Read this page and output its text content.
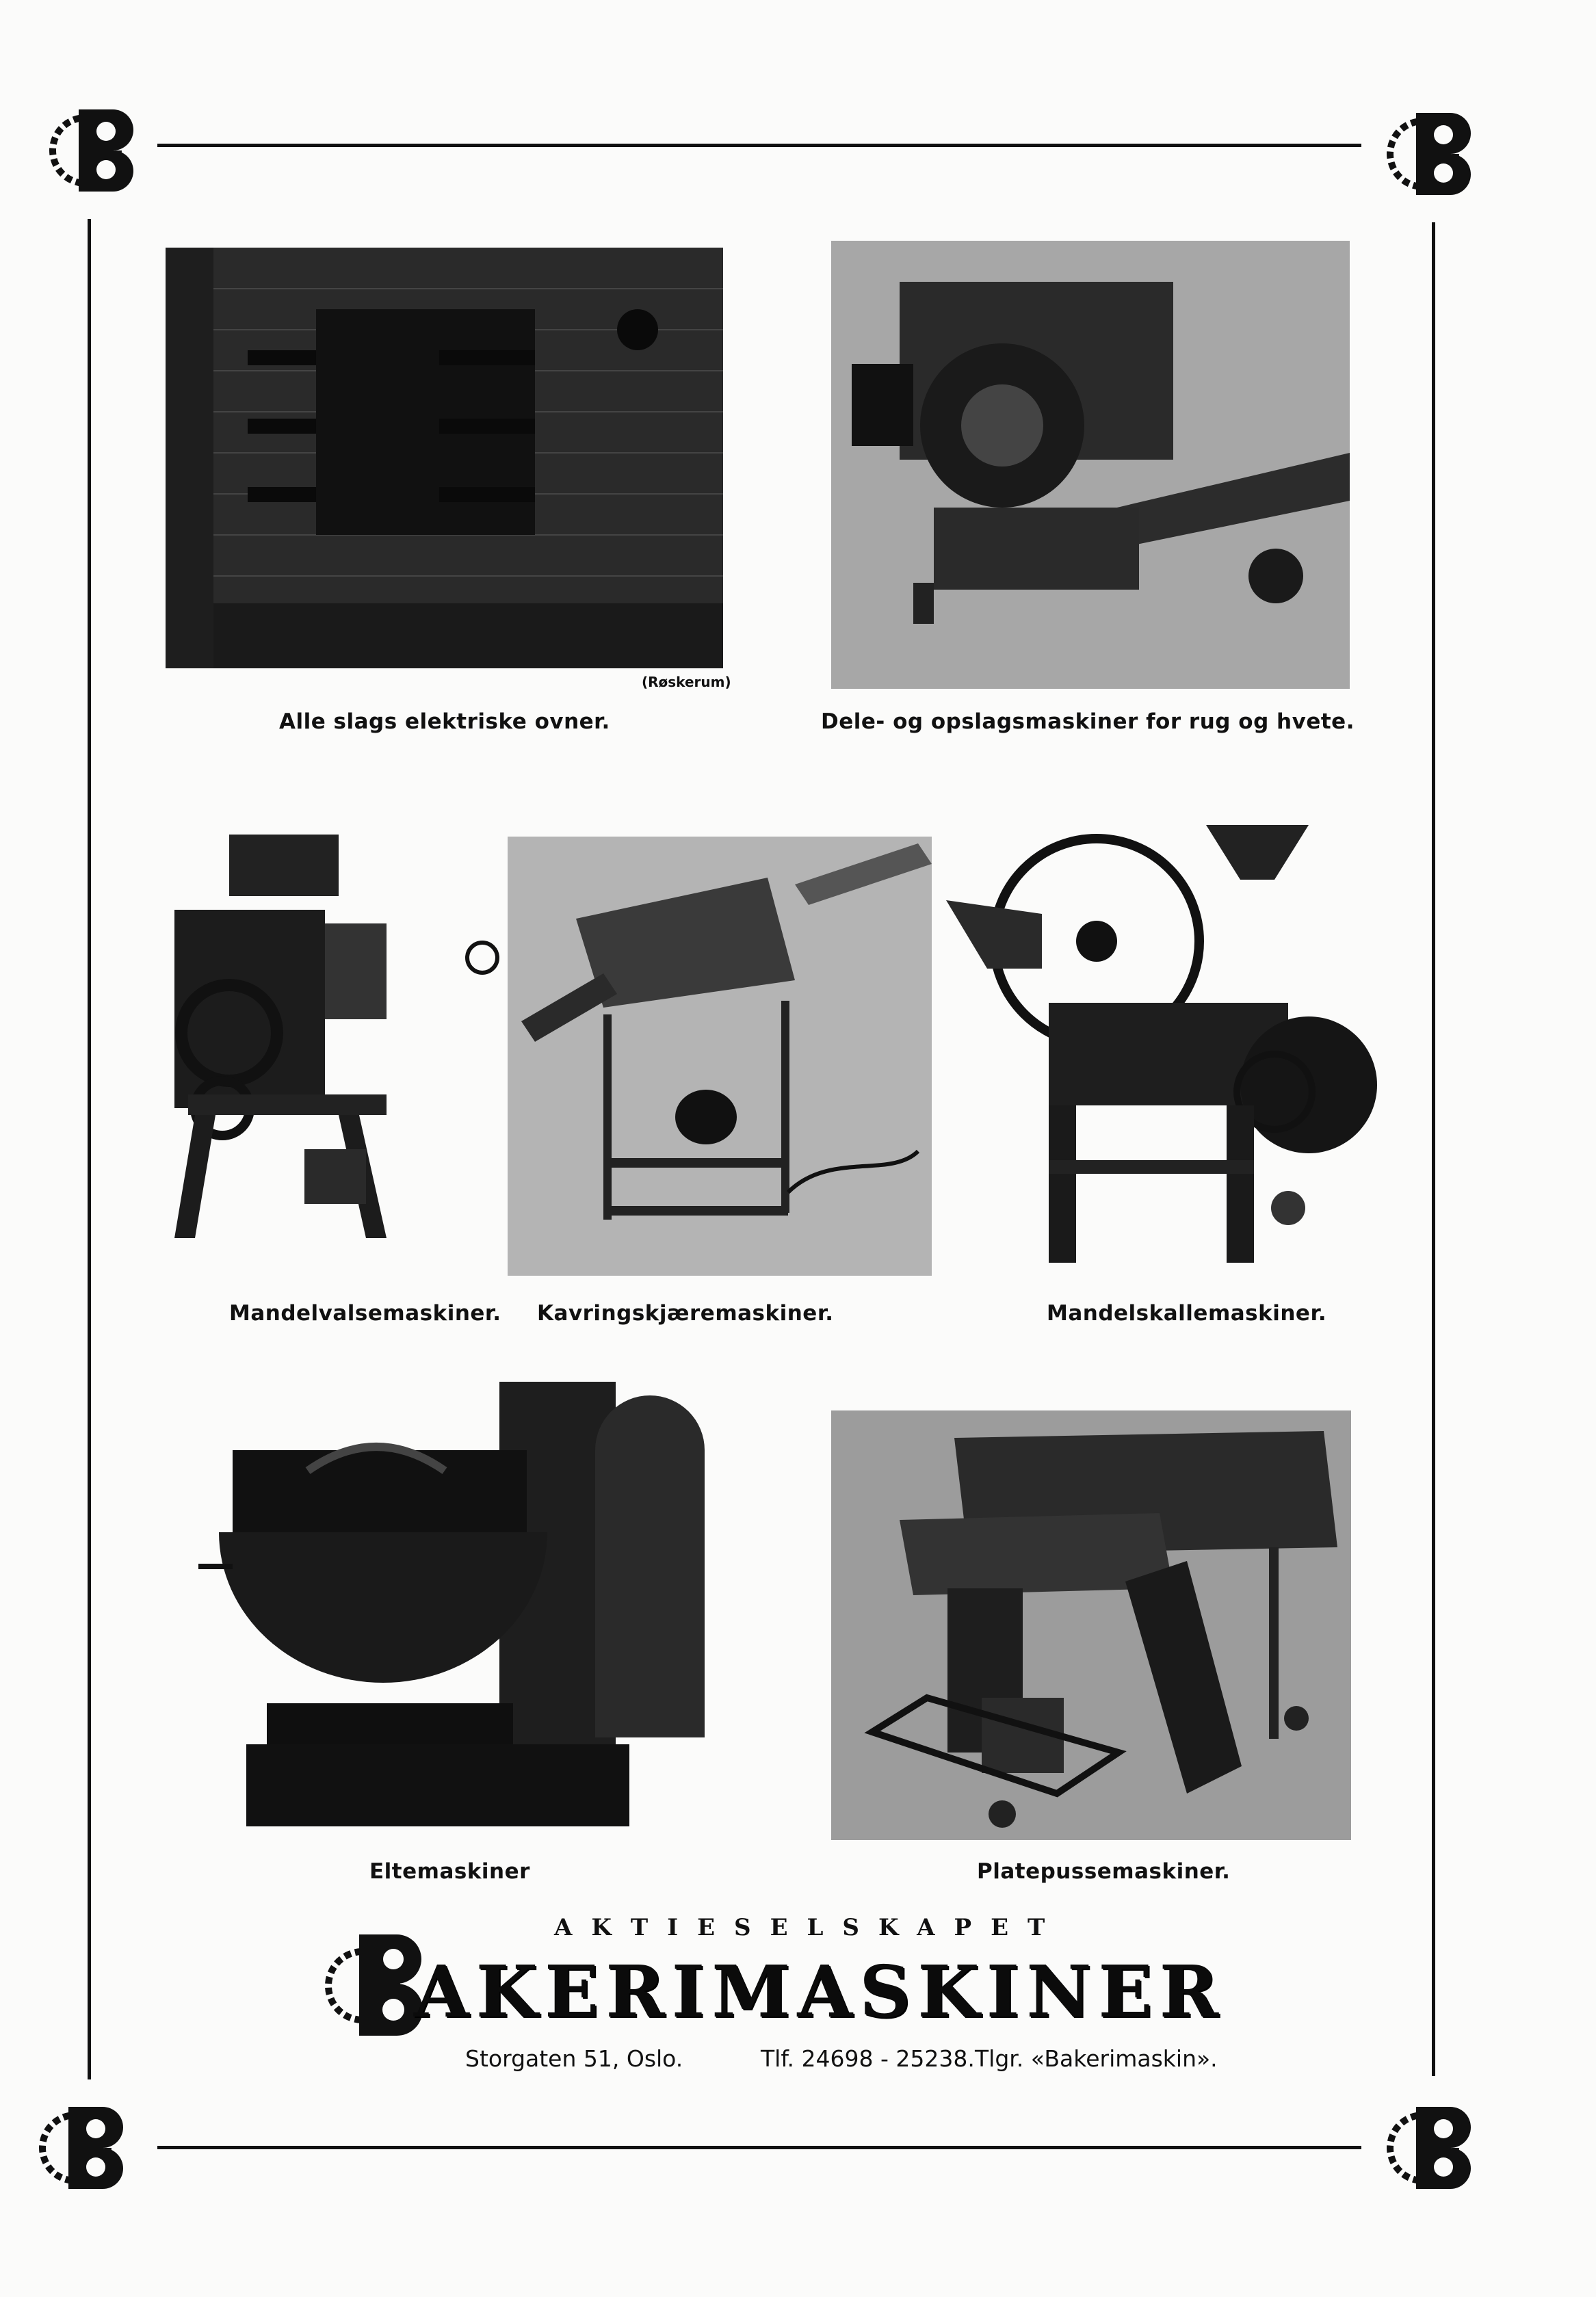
(Røskerum)
Alle slags elektriske ovner.	Dele- og opslagsmaskiner for rug og hvete.
Mandelvalsemaskiner. Kavringskjæremaskiner.	Mandelskallemaskiner.
Eltemaskiner	Platepussemaskiner.
AKTIESELSKAPET
AKERIMASKINER
Storgaten 51, Oslo.	Tlf. 24698 - 25238. Tlgr. «Bakerimaskin».
